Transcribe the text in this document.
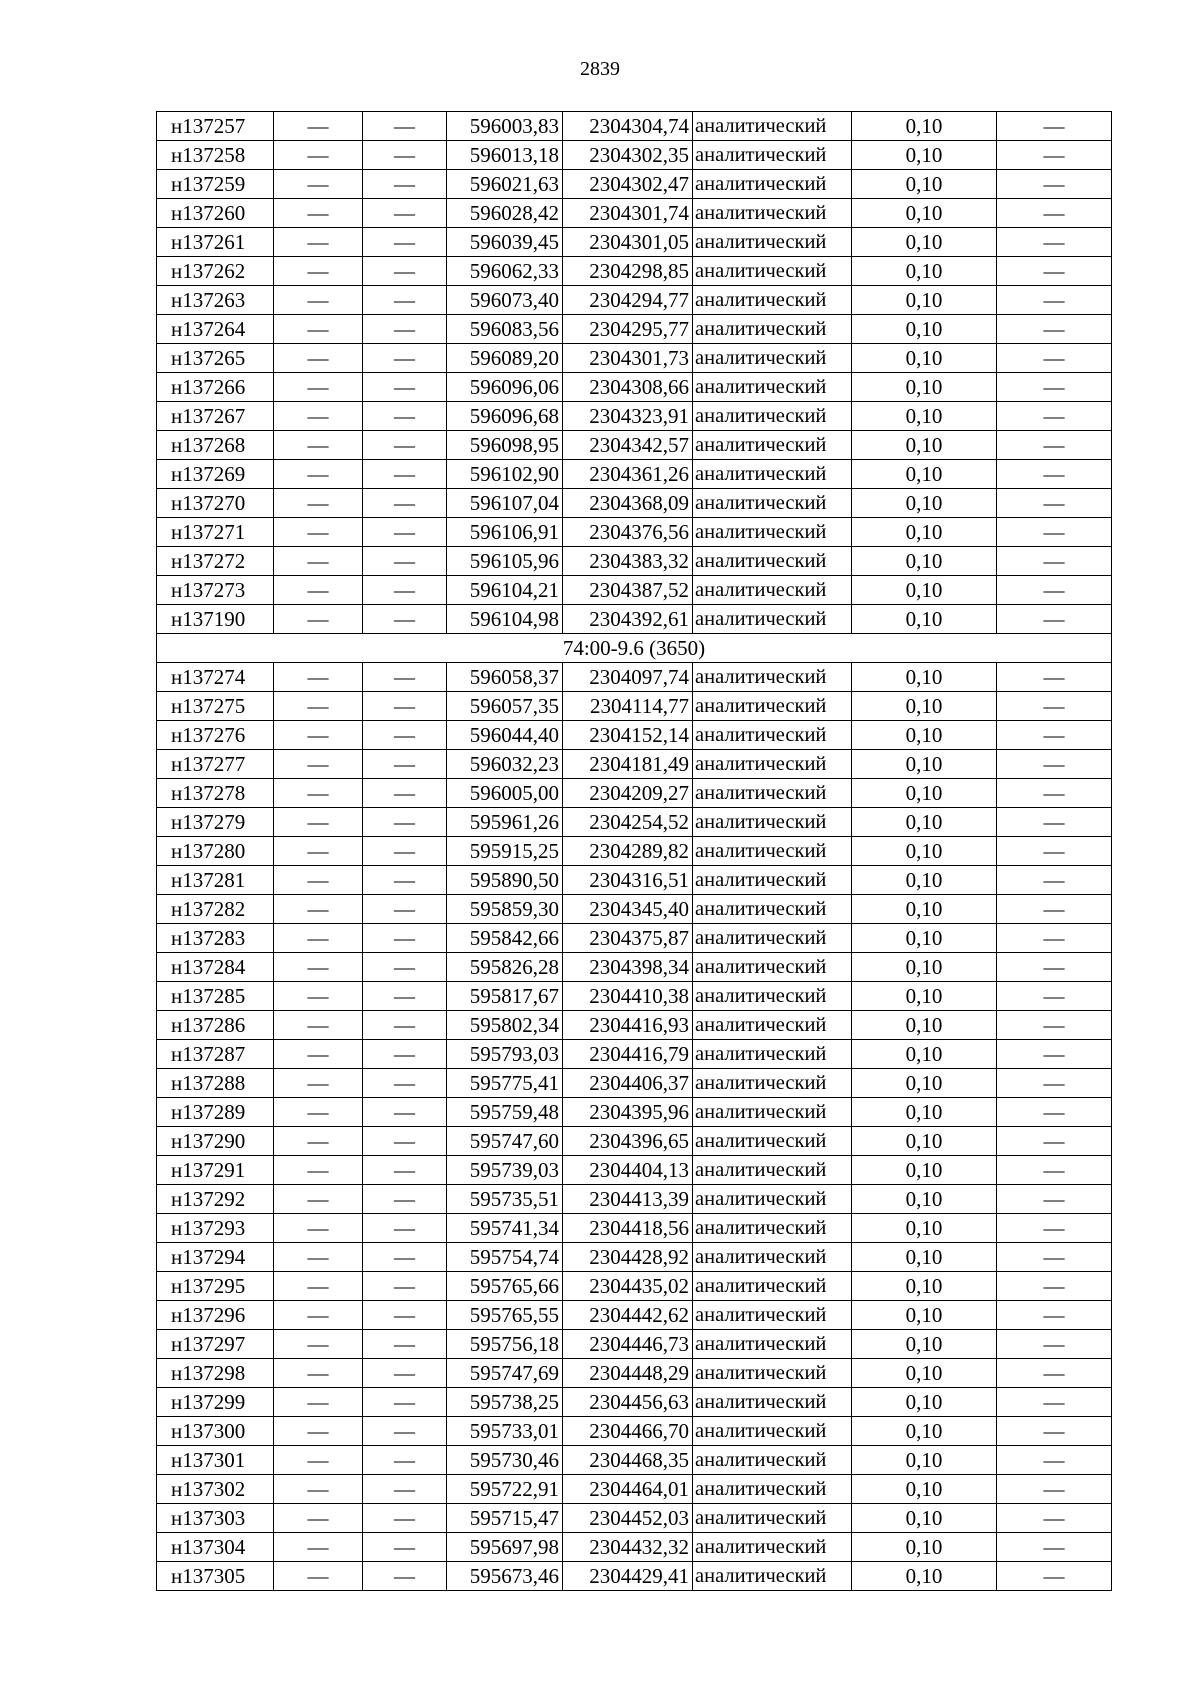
2839
н137257	—	—	596003,83	2304304,74	аналитический	0,10	—
н137258	—	—	596013,18	2304302,35	аналитический	0,10	—
н137259	—	—	596021,63	2304302,47	аналитический	0,10	—
н137260	—	—	596028,42	2304301,74	аналитический	0,10	—
н137261	—	—	596039,45	2304301,05	аналитический	0,10	—
н137262	—	—	596062,33	2304298,85	аналитический	0,10	—
н137263	—	—	596073,40	2304294,77	аналитический	0,10	—
н137264	—	—	596083,56	2304295,77	аналитический	0,10	—
н137265	—	—	596089,20	2304301,73	аналитический	0,10	—
н137266	—	—	596096,06	2304308,66	аналитический	0,10	—
н137267	—	—	596096,68	2304323,91	аналитический	0,10	—
н137268	—	—	596098,95	2304342,57	аналитический	0,10	—
н137269	—	—	596102,90	2304361,26	аналитический	0,10	—
н137270	—	—	596107,04	2304368,09	аналитический	0,10	—
н137271	—	—	596106,91	2304376,56	аналитический	0,10	—
н137272	—	—	596105,96	2304383,32	аналитический	0,10	—
н137273	—	—	596104,21	2304387,52	аналитический	0,10	—
н137190	—	—	596104,98	2304392,61	аналитический	0,10	—
74:00-9.6 (3650)							
н137274	—	—	596058,37	2304097,74	аналитический	0,10	—
н137275	—	—	596057,35	2304114,77	аналитический	0,10	—
н137276	—	—	596044,40	2304152,14	аналитический	0,10	—
н137277	—	—	596032,23	2304181,49	аналитический	0,10	—
н137278	—	—	596005,00	2304209,27	аналитический	0,10	—
н137279	—	—	595961,26	2304254,52	аналитический	0,10	—
н137280	—	—	595915,25	2304289,82	аналитический	0,10	—
н137281	—	—	595890,50	2304316,51	аналитический	0,10	—
н137282	—	—	595859,30	2304345,40	аналитический	0,10	—
н137283	—	—	595842,66	2304375,87	аналитический	0,10	—
н137284	—	—	595826,28	2304398,34	аналитический	0,10	—
н137285	—	—	595817,67	2304410,38	аналитический	0,10	—
н137286	—	—	595802,34	2304416,93	аналитический	0,10	—
н137287	—	—	595793,03	2304416,79	аналитический	0,10	—
н137288	—	—	595775,41	2304406,37	аналитический	0,10	—
н137289	—	—	595759,48	2304395,96	аналитический	0,10	—
н137290	—	—	595747,60	2304396,65	аналитический	0,10	—
н137291	—	—	595739,03	2304404,13	аналитический	0,10	—
н137292	—	—	595735,51	2304413,39	аналитический	0,10	—
н137293	—	—	595741,34	2304418,56	аналитический	0,10	—
н137294	—	—	595754,74	2304428,92	аналитический	0,10	—
н137295	—	—	595765,66	2304435,02	аналитический	0,10	—
н137296	—	—	595765,55	2304442,62	аналитический	0,10	—
н137297	—	—	595756,18	2304446,73	аналитический	0,10	—
н137298	—	—	595747,69	2304448,29	аналитический	0,10	—
н137299	—	—	595738,25	2304456,63	аналитический	0,10	—
н137300	—	—	595733,01	2304466,70	аналитический	0,10	—
н137301	—	—	595730,46	2304468,35	аналитический	0,10	—
н137302	—	—	595722,91	2304464,01	аналитический	0,10	—
н137303	—	—	595715,47	2304452,03	аналитический	0,10	—
н137304	—	—	595697,98	2304432,32	аналитический	0,10	—
н137305	—	—	595673,46	2304429,41	аналитический	0,10	—
